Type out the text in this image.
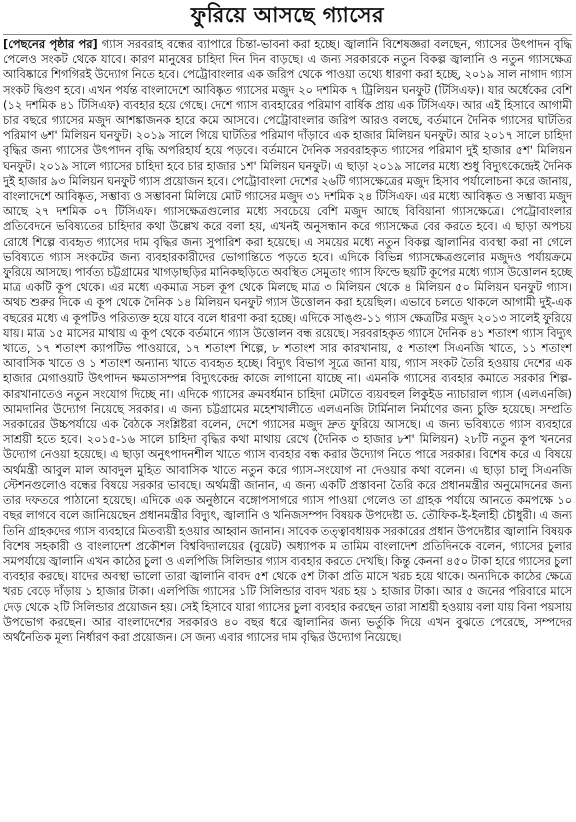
ফুরিয়ে আসছে গ্যাসের

[পেছনের পৃষ্ঠার পর] গ্যাস সরবরাহ বন্ধের ব্যাপারে চিন্তা-ভাবনা করা হচ্ছে। জ্বালানি বিশেষজ্ঞরা বলছেন, গ্যাসের উৎপাদন বৃদ্ধি পেলেও সংকট থেকে যাবে। কারণ মানুষের চাহিদা দিন দিন বাড়ছে। এ জন্য সরকারকে নতুন বিকল্প জ্বালানি ও নতুন গ্যাসক্ষেত্র আবিষ্কারে শিগগিরই উদ্যোগ নিতে হবে। পেট্রোবাংলার এক জরিপ থেকে পাওয়া তথ্যে ধারণা করা হচ্ছে, ২০১৯ সাল নাগাদ গ্যাস সংকট দ্বিগুণ হবে। এখন পর্যন্ত বাংলাদেশে আবিষ্কৃত গ্যাসের মজুদ ২০ দশমিক ৭ ট্রিলিয়ন ঘনফুট (টিসিএফ)। যার অর্ধেকের বেশি (১২ দশমিক ৪১ টিসিএফ) ব্যবহার হয়ে গেছে। দেশে গ্যাস ব্যবহারের পরিমাণ বার্ষিক প্রায় এক টিসিএফ। আর এই হিসাবে আগামী চার বছরে গ্যাসের মজুদ আশঙ্কাজনক হারে কমে আসবে। পেট্রোবাংলার জরিপ আরও বলছে, বর্তমানে দৈনিক গ্যাসের ঘাটতির পরিমাণ ৬শ' মিলিয়ন ঘনফুট। ২০১৯ সালে গিয়ে ঘাটতির পরিমাণ দাঁড়াবে এক হাজার মিলিয়ন ঘনফুট। আর ২০১৭ সালে চাহিদা বৃদ্ধির জন্য গ্যাসের উৎপাদন বৃদ্ধি অপরিহার্য হয়ে পড়বে। বর্তমানে দৈনিক সরবরাহকৃত গ্যাসের পরিমাণ দুই হাজার ৫শ' মিলিয়ন ঘনফুট। ২০১৯ সালে গ্যাসের চাহিদা হবে চার হাজার ১শ' মিলিয়ন ঘনফুট। এ ছাড়া ২০১৯ সালের মধ্যে শুধু বিদ্যুৎকেন্দ্রেই দৈনিক দুই হাজার ৯৩ মিলিয়ন ঘনফুট গ্যাস প্রয়োজন হবে। পেট্রোবাংলা দেশের ২৬টি গ্যাসক্ষেত্রের মজুদ হিসাব পর্যালোচনা করে জানায়, বাংলাদেশে আবিষ্কৃত, সম্ভাব্য ও সম্ভাবনা মিলিয়ে মোট গ্যাসের মজুদ ৩১ দশমিক ২৪ টিসিএফ। এর মধ্যে আবিষ্কৃত ও সম্ভাব্য মজুদ আছে ২৭ দশমিক ০৭ টিসিএফ। গ্যাসক্ষেত্রগুলোর মধ্যে সবচেয়ে বেশি মজুদ আছে বিবিয়ানা গ্যাসক্ষেত্রে। পেট্রোবাংলার প্রতিবেদনে ভবিষ্যতের চাহিদার কথা উল্লেখ করে বলা হয়, এখনই অনুসন্ধান করে গ্যাসক্ষেত্র বের করতে হবে। এ ছাড়া অপচয় রোধে শিল্পে ব্যবহৃত গ্যাসের দাম বৃদ্ধির জন্য সুপারিশ করা হয়েছে। এ সময়ের মধ্যে নতুন বিকল্প জ্বালানির ব্যবস্থা করা না গেলে ভবিষ্যতে গ্যাস সংকটের জন্য ব্যবহারকারীদের ভোগান্তিতে পড়তে হবে। এদিকে বিভিন্ন গ্যাসক্ষেত্রগুলোর মজুদও পর্যায়ক্রমে ফুরিয়ে আসছে। পার্বত্য চট্টগ্রামের খাগড়াছড়ির মানিকছড়িতে অবস্থিত সেমুতাং গ্যাস ফিল্ডে ছয়টি কূপের মধ্যে গ্যাস উত্তোলন হচ্ছে মাত্র একটি কূপ থেকে। এর মধ্যে একমাত্র সচল কূপ থেকে মিলছে মাত্র ৩ মিলিয়ন থেকে ৪ মিলিয়ন ৫০ মিলিয়ন ঘনফুট গ্যাস। অথচ শুরুর দিকে এ কূপ থেকে দৈনিক ১৪ মিলিয়ন ঘনফুট গ্যাস উত্তোলন করা হয়েছিল। এভাবে চলতে থাকলে আগামী দুই-এক বছরের মধ্যে এ কূপটিও পরিত্যক্ত হয়ে যাবে বলে ধারণা করা হচ্ছে। এদিকে সাঙ্গু-১১ গ্যাস ক্ষেত্রটির মজুদ ২০১৩ সালেই ফুরিয়ে যায়। মাত্র ১৫ মাসের মাথায় এ কূপ থেকে বর্তমানে গ্যাস উত্তোলন বন্ধ রয়েছে। সরবরাহকৃত গ্যাসে দৈনিক ৪১ শতাংশ গ্যাস বিদ্যুৎ খাতে, ১৭ শতাংশ ক্যাপটিভ পাওয়ারে, ১৭ শতাংশ শিল্পে, ৮ শতাংশ সার কারখানায়, ৫ শতাংশ সিএনজি খাতে, ১১ শতাংশ আবাসিক খাতে ও ১ শতাংশ অন্যান্য খাতে ব্যবহৃত হচ্ছে। বিদ্যুৎ বিভাগ সূত্রে জানা যায়, গ্যাস সংকট তৈরি হওয়ায় দেশের এক হাজার মেগাওয়াট উৎপাদন ক্ষমতাসম্পন্ন বিদ্যুৎকেন্দ্র কাজে লাগানো যাচ্ছে না। এমনকি গ্যাসের ব্যবহার কমাতে সরকার শিল্প-কারখানাতেও নতুন সংযোগ দিচ্ছে না। এদিকে গ্যাসের ক্রমবর্ধমান চাহিদা মেটাতে ব্যয়বহুল লিকুইড ন্যাচারাল গ্যাস (এলএনজি) আমদানির উদ্যোগ নিয়েছে সরকার। এ জন্য চট্টগ্রামের মহেশখালীতে এলএনজি টার্মিনাল নির্মাণের জন্য চুক্তি হয়েছে। সম্প্রতি সরকারের উচ্চপর্যায়ে এক বৈঠকে সংশ্লিষ্টরা বলেন, দেশে গ্যাসের মজুদ দ্রুত ফুরিয়ে আসছে। এ জন্য ভবিষ্যতে গ্যাস ব্যবহারে সাশ্রয়ী হতে হবে। ২০১৫-১৬ সালে চাহিদা বৃদ্ধির কথা মাথায় রেখে (দৈনিক ৩ হাজার ৮শ' মিলিয়ন) ২৮টি নতুন কূপ খননের উদ্যোগ নেওয়া হয়েছে। এ ছাড়া অনুৎপাদনশীল খাতে গ্যাস ব্যবহার বন্ধ করার উদ্যোগ নিতে পারে সরকার। বিশেষ করে এ বিষয়ে অর্থমন্ত্রী আবুল মাল আবদুল মুহিত আবাসিক খাতে নতুন করে গ্যাস-সংযোগ না দেওয়ার কথা বলেন। এ ছাড়া চালু সিএনজি স্টেশনগুলোও বন্ধের বিষয়ে সরকার ভাবছে। অর্থমন্ত্রী জানান, এ জন্য একটি প্রস্তাবনা তৈরি করে প্রধানমন্ত্রীর অনুমোদনের জন্য তার দফতরে পাঠানো হয়েছে। এদিকে এক অনুষ্ঠানে বঙ্গোপসাগরে গ্যাস পাওয়া গেলেও তা গ্রাহক পর্যায়ে আনতে কমপক্ষে ১০ বছর লাগবে বলে জানিয়েছেন প্রধানমন্ত্রীর বিদ্যুৎ, জ্বালানি ও খনিজসম্পদ বিষয়ক উপদেষ্টা ড. তৌফিক-ই-ইলাহী চৌধুরী। এ জন্য তিনি গ্রাহকদের গ্যাস ব্যবহারে মিতব্যয়ী হওয়ার আহ্বান জানান। সাবেক তত্ত্বাবধায়ক সরকারের প্রধান উপদেষ্টার জ্বালানি বিষয়ক বিশেষ সহকারী ও বাংলাদেশ প্রকৌশল বিশ্ববিদ্যালয়ের (বুয়েট) অধ্যাপক ম তামিম বাংলাদেশ প্রতিদিনকে বলেন, গ্যাসের চুলার সমপর্যায়ে জ্বালানি এখন কাঠের চুলা ও এলপিজি সিলিন্ডার গ্যাস ব্যবহার করতে দেখছি। কিন্তু কেননা ৪৫০ টাকা হারে গ্যাসের চুলা ব্যবহার করছে। যাদের অবস্থা ভালো তারা জ্বালানি বাবদ ৫শ থেকে ৫শ টাকা প্রতি মাসে খরচ হয়ে থাকে। অন্যদিকে কাঠের ক্ষেত্রে খরচ বেড়ে দাঁড়ায় ১ হাজার টাকা। এলপিজি গ্যাসের ১টি সিলিন্ডার বাবদ খরচ হয় ১ হাজার টাকা। আর ৫ জনের পরিবারে মাসে দেড় থেকে ২টি সিলিন্ডার প্রয়োজন হয়। সেই হিসাবে যারা গ্যাসের চুলা ব্যবহার করছেন তারা সাশ্রয়ী হওয়ায় বলা যায় বিনা পয়সায় উপভোগ করছেন। আর বাংলাদেশের সরকারও ৪০ বছর ধরে জ্বালানির জন্য ভর্তুকি দিয়ে এখন বুঝতে পেরেছে, সম্পদের অর্থনৈতিক মূল্য নির্ধারণ করা প্রয়োজন। সে জন্য এবার গ্যাসের দাম বৃদ্ধির উদ্যোগ নিয়েছে।
